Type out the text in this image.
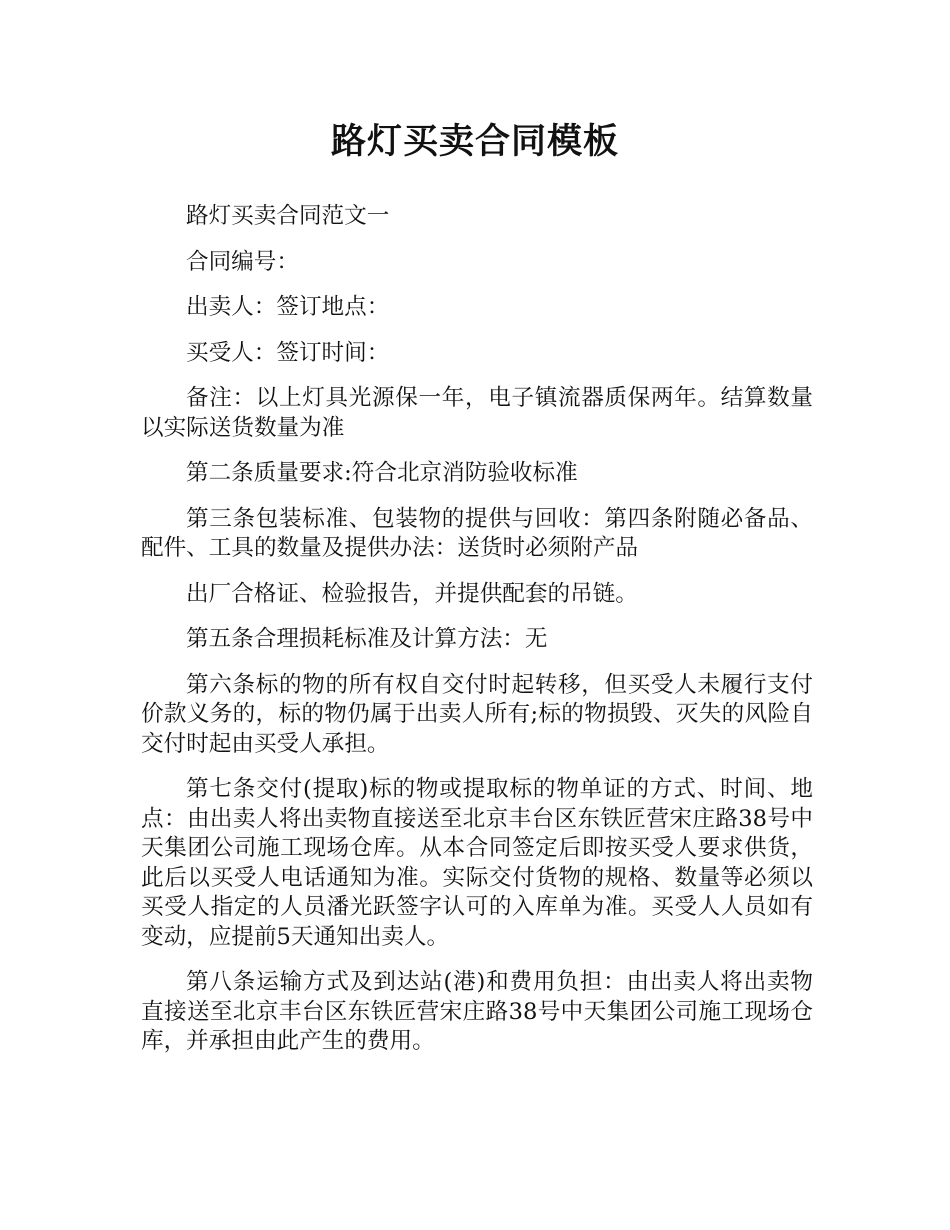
路灯买卖合同模板

路灯买卖合同范文一

合同编号：

出卖人：签订地点：

买受人：签订时间：

备注：以上灯具光源保一年，电子镇流器质保两年。结算数量以实际送货数量为准

第二条质量要求:符合北京消防验收标准

第三条包装标准、包装物的提供与回收：第四条附随必备品、配件、工具的数量及提供办法：送货时必须附产品

出厂合格证、检验报告，并提供配套的吊链。

第五条合理损耗标准及计算方法：无

第六条标的物的所有权自交付时起转移，但买受人未履行支付价款义务的，标的物仍属于出卖人所有;标的物损毁、灭失的风险自交付时起由买受人承担。

第七条交付(提取)标的物或提取标的物单证的方式、时间、地点：由出卖人将出卖物直接送至北京丰台区东铁匠营宋庄路38号中天集团公司施工现场仓库。从本合同签定后即按买受人要求供货，此后以买受人电话通知为准。实际交付货物的规格、数量等必须以买受人指定的人员潘光跃签字认可的入库单为准。买受人人员如有变动，应提前5天通知出卖人。

第八条运输方式及到达站(港)和费用负担：由出卖人将出卖物直接送至北京丰台区东铁匠营宋庄路38号中天集团公司施工现场仓库，并承担由此产生的费用。
